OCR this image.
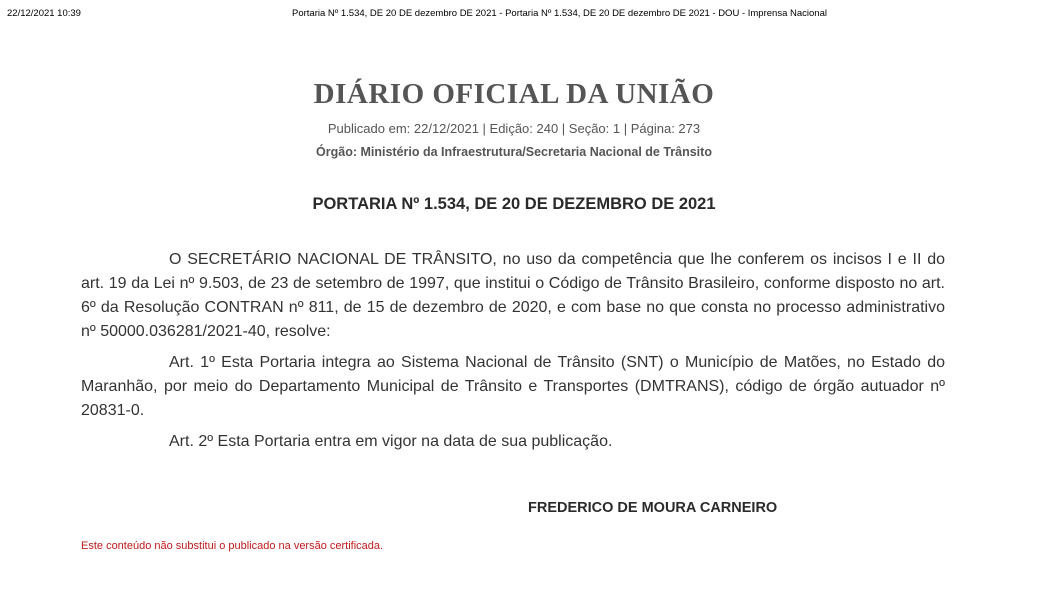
22/12/2021 10:39	Portaria Nº 1.534, DE 20 DE dezembro DE 2021 - Portaria Nº 1.534, DE 20 DE dezembro DE 2021 - DOU - Imprensa Nacional
DIÁRIO OFICIAL DA UNIÃO
Publicado em: 22/12/2021 | Edição: 240 | Seção: 1 | Página: 273
Órgão: Ministério da Infraestrutura/Secretaria Nacional de Trânsito
PORTARIA Nº 1.534, DE 20 DE DEZEMBRO DE 2021

O SECRETÁRIO NACIONAL DE TRÂNSITO, no uso da competência que lhe conferem os incisos I e II do art. 19 da Lei nº 9.503, de 23 de setembro de 1997, que institui o Código de Trânsito Brasileiro, conforme disposto no art. 6º da Resolução CONTRAN nº 811, de 15 de dezembro de 2020, e com base no que consta no processo administrativo nº 50000.036281/2021-40, resolve:

Art. 1º Esta Portaria integra ao Sistema Nacional de Trânsito (SNT) o Município de Matões, no Estado do Maranhão, por meio do Departamento Municipal de Trânsito e Transportes (DMTRANS), código de órgão autuador nº 20831-0.

Art. 2º Esta Portaria entra em vigor na data de sua publicação.

FREDERICO DE MOURA CARNEIRO
Este conteúdo não substitui o publicado na versão certificada.
